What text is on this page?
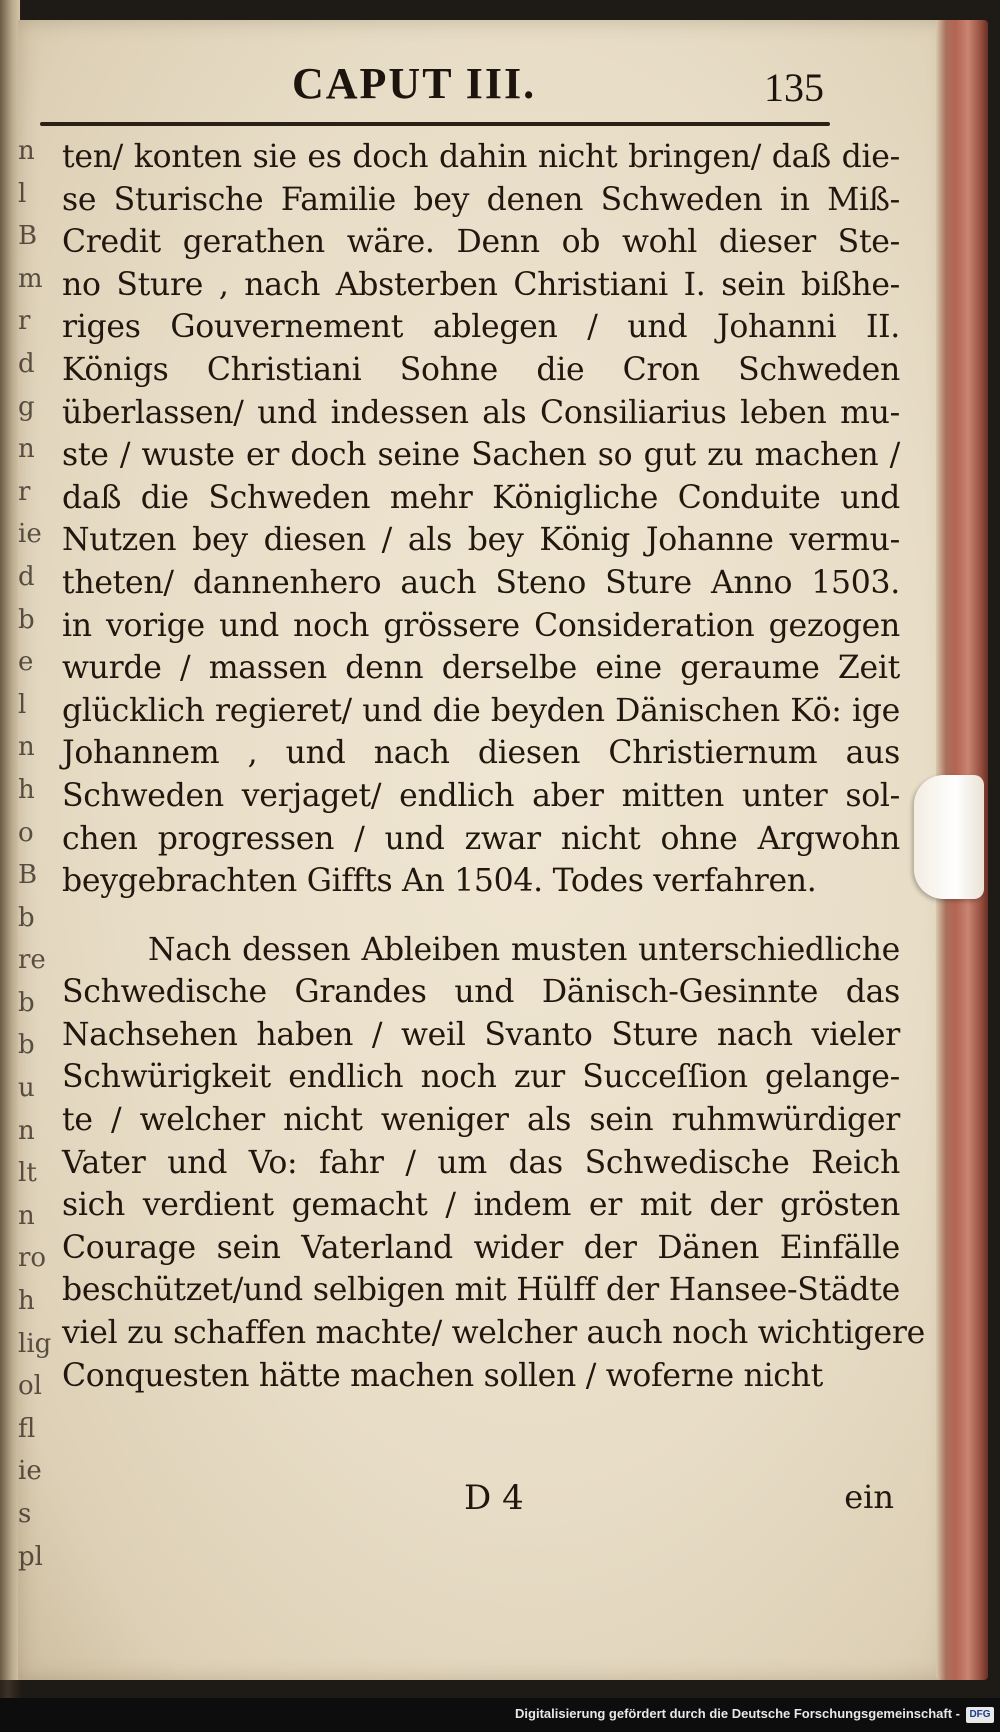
n
l
B
m
r
d
g
n
r
ie
d
b
e
l
n
h
o
B
b
re
b
b
u
n
lt
n
ro
h
lig
ol
fl
ie
s
pl
CAPUT III.	135
ten/ konten sie es doch dahin nicht bringen/ daß die-
se Sturische Familie bey denen Schweden in Miß-
Credit gerathen wäre. Denn ob wohl dieser Ste-
no Sture , nach Absterben Christiani I. sein bißhe-
riges Gouvernement ablegen / und Johanni II.
Königs Christiani Sohne die Cron Schweden
überlassen/ und indessen als Consiliarius leben mu-
ste / wuste er doch seine Sachen so gut zu machen /
daß die Schweden mehr Königliche Conduite und
Nutzen bey diesen / als bey König Johanne vermu-
theten/ dannenhero auch Steno Sture Anno 1503.
in vorige und noch grössere Consideration gezogen
wurde / massen denn derselbe eine geraume Zeit
glücklich regieret/ und die beyden Dänischen Kö: ige
Johannem , und nach diesen Christiernum aus
Schweden verjaget/ endlich aber mitten unter sol-
chen progressen / und zwar nicht ohne Argwohn
beygebrachten Giffts An 1504. Todes verfahren.
Nach dessen Ableiben musten unterschiedliche
Schwedische Grandes und Dänisch-Gesinnte das
Nachsehen haben / weil Svanto Sture nach vieler
Schwürigkeit endlich noch zur Succeſſion gelange-
te / welcher nicht weniger als sein ruhmwürdiger
Vater und Vo: fahr / um das Schwedische Reich
sich verdient gemacht / indem er mit der grösten
Courage sein Vaterland wider der Dänen Einfälle
beschützet/und selbigen mit Hülff der Hansee-Städte
viel zu schaffen machte/ welcher auch noch wichtigere
Conquesten hätte machen sollen / woferne nicht
D 4	ein
Digitalisierung gefördert durch die Deutsche Forschungsgemeinschaft - DFG
